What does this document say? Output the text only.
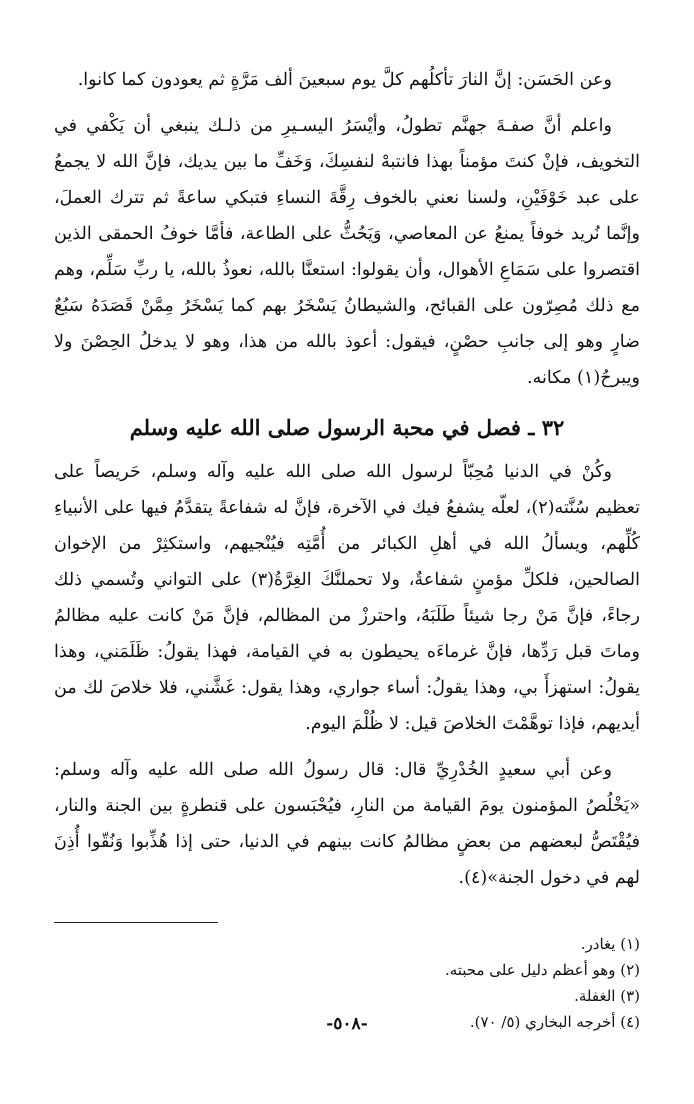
وعن الحَسَن: إنَّ النارَ تأكلُهم كلَّ يوم سبعينَ ألف مَرَّةٍ ثم يعودون كما كانوا.

واعلم أنَّ صفـةَ جهنَّم تطولُ، وأيْسَرُ اليسـيرِ من ذلـك ينبغي أن يَكْفي في التخويف، فإنْ كنتَ مؤمناً بهذا فانتبهْ لنفسِكَ، وَخَفِّ ما بين يديك، فإنَّ الله لا يجمعُ على عبد خَوْفَيْنِ، ولسنا نعني بالخوف رِقَّةَ النساءِ فتبكي ساعةً ثم تترك العملَ، وإنَّما نُريد خوفاً يمنعُ عن المعاصي، وَيَحُثُّ على الطاعة، فأمَّا خوفُ الحمقى الذين اقتصروا على سَمَاعِ الأهوال، وأن يقولوا: استعنَّا بالله، نعوذُ بالله، يا ربِّ سَلِّم، وهم مع ذلك مُصِرّون على القبائح، والشيطانُ يَسْخَرُ بهم كما يَسْخَرُ مِمَّنْ قَصَدَهُ سَبُعٌ ضارٍ وهو إلى جانبِ حصْنٍ، فيقول: أعوذ بالله من هذا، وهو لا يدخلُ الحِصْنَ ولا ويبرحُ(١) مكانه.

٣٢ ـ فصل في محبة الرسول صلى الله عليه وسلم

وكُنْ في الدنيا مُحِبّاً لرسول الله صلى الله عليه وآله وسلم، حَريصاً على تعظيم سُنَّته(٢)، لعلّه يشفعُ فيك في الآخرة، فإنَّ له شفاعةً يتقدَّمُ فيها على الأنبياءِ كُلِّهم، ويسألُ الله في أهلِ الكبائر من أُمَّتِه فيُنْجيهم، واستكثِرْ من الإخوان الصالحين، فلكلِّ مؤمنٍ شفاعةٌ، ولا تحملنَّكَ الغِرَّةُ(٣) على التواني وتُسمي ذلك رجاءً، فإنَّ مَنْ رجا شيئاً طَلَبَهُ، واحترزْ من المظالم، فإنَّ مَنْ كانت عليه مظالمُ وماتَ قبل رَدِّها، فإنَّ غرماءَه يحيطون به في القيامة، فهذا يقولُ: ظَلَمَني، وهذا يقولُ: استهزأَ بي، وهذا يقولُ: أساء جواري، وهذا يقول: غَشَّني، فلا خلاصَ لك من أيديهم، فإذا توهَّمْتَ الخلاصَ قيل: لا ظُلْمَ اليوم.

وعن أبي سعيدٍ الخُدْرِيِّ قال: قال رسولُ الله صلى الله عليه وآله وسلم: «يَخْلُصُ المؤمنون يومَ القيامة من النارِ، فيُحْبَسون على قنطرةٍ بين الجنة والنار، فيُقْتَصُّ لبعضهم من بعضٍ مظالمُ كانت بينهم في الدنيا، حتى إذا هُذِّبوا وَنُقّوا أُذِنَ لهم في دخول الجنة»(٤).

(١) يغادر.

(٢) وهو أعظم دليل على محبته.

(٣) الغفلة.

(٤) أخرجه البخاري (٥/ ٧٠).

-٥٠٨-
